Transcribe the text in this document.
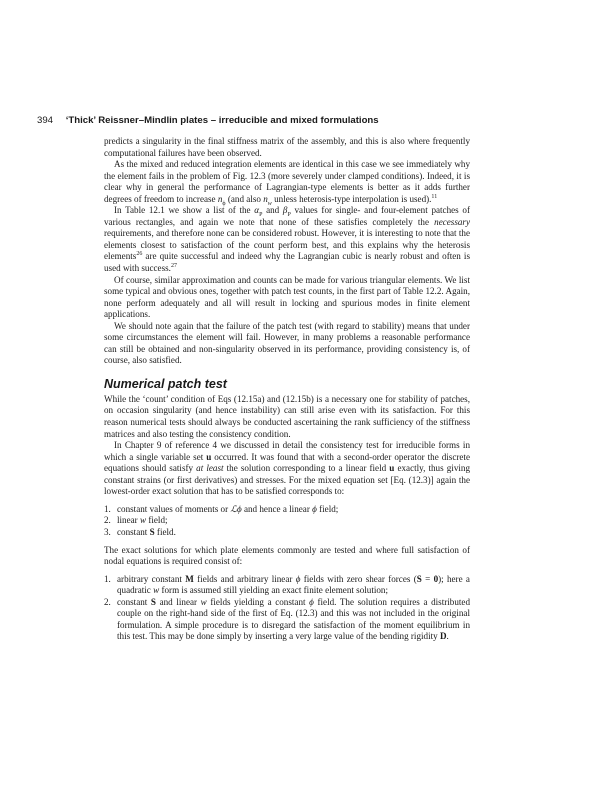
394 ‘Thick’ Reissner–Mindlin plates – irreducible and mixed formulations

predicts a singularity in the final stiffness matrix of the assembly, and this is also where frequently computational failures have been observed.

As the mixed and reduced integration elements are identical in this case we see immediately why the element fails in the problem of Fig. 12.3 (more severely under clamped conditions). Indeed, it is clear why in general the performance of Lagrangian-type elements is better as it adds further degrees of freedom to increase $n_\phi$ (and also $n_w$ unless heterosis-type interpolation is used).$^{11}$

In Table 12.1 we show a list of the $\alpha_P$ and $\beta_P$ values for single- and four-element patches of various rectangles, and again we note that none of these satisfies completely the necessary requirements, and therefore none can be considered robust. However, it is interesting to note that the elements closest to satisfaction of the count perform best, and this explains why the heterosis elements$^{26}$ are quite successful and indeed why the Lagrangian cubic is nearly robust and often is used with success.$^{27}$

Of course, similar approximation and counts can be made for various triangular elements. We list some typical and obvious ones, together with patch test counts, in the first part of Table 12.2. Again, none perform adequately and all will result in locking and spurious modes in finite element applications.

We should note again that the failure of the patch test (with regard to stability) means that under some circumstances the element will fail. However, in many problems a reasonable performance can still be obtained and non-singularity observed in its performance, providing consistency is, of course, also satisfied.

Numerical patch test

While the ‘count’ condition of Eqs (12.15a) and (12.15b) is a necessary one for stability of patches, on occasion singularity (and hence instability) can still arise even with its satisfaction. For this reason numerical tests should always be conducted ascertaining the rank sufficiency of the stiffness matrices and also testing the consistency condition.

In Chapter 9 of reference 4 we discussed in detail the consistency test for irreducible forms in which a single variable set u occurred. It was found that with a second-order operator the discrete equations should satisfy at least the solution corresponding to a linear field u exactly, thus giving constant strains (or first derivatives) and stresses. For the mixed equation set [Eq. (12.3)] again the lowest-order exact solution that has to be satisfied corresponds to:

1. constant values of moments or ℒϕ and hence a linear ϕ field;
2. linear w field;
3. constant S field.

The exact solutions for which plate elements commonly are tested and where full satisfaction of nodal equations is required consist of:

1. arbitrary constant M fields and arbitrary linear ϕ fields with zero shear forces (S = 0); here a quadratic w form is assumed still yielding an exact finite element solution;
2. constant S and linear w fields yielding a constant ϕ field. The solution requires a distributed couple on the right-hand side of the first of Eq. (12.3) and this was not included in the original formulation. A simple procedure is to disregard the satisfaction of the moment equilibrium in this test. This may be done simply by inserting a very large value of the bending rigidity D.
